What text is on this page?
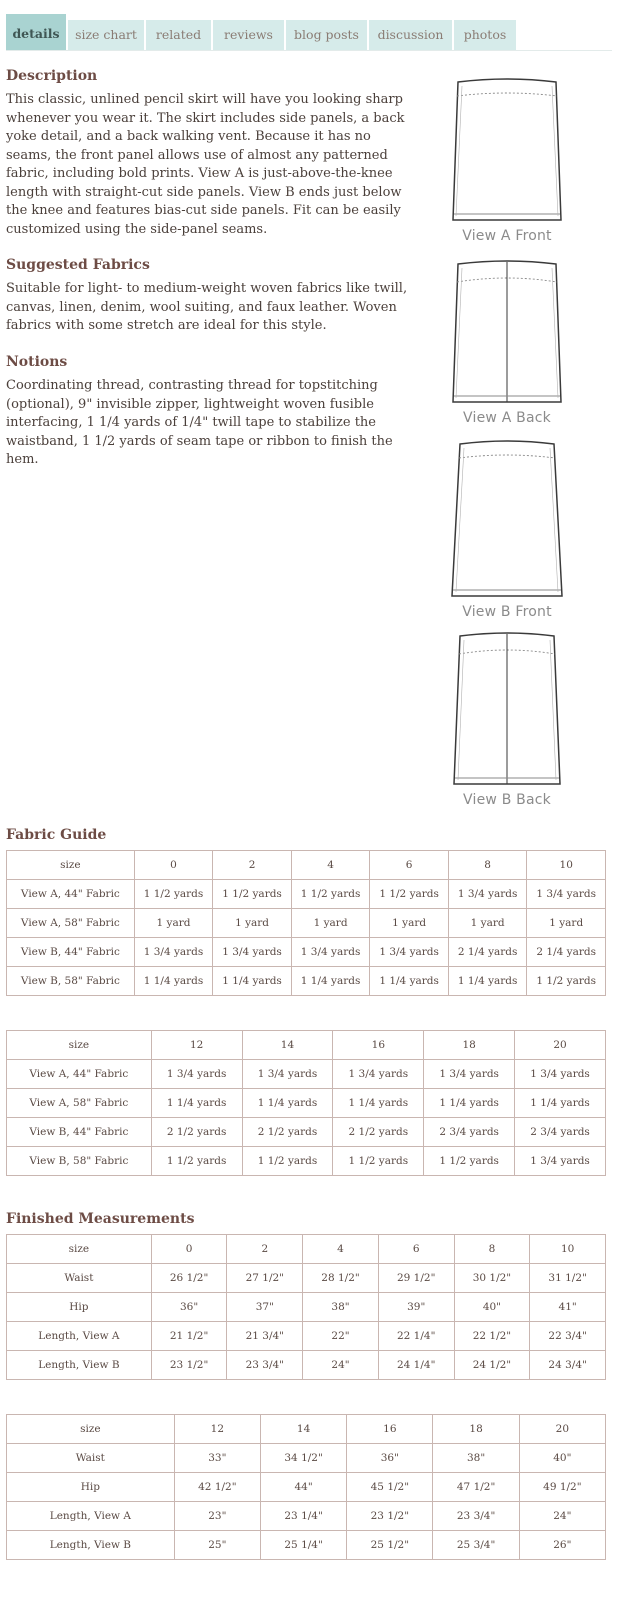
details	size chart	related	reviews	blog posts	discussion	photos
Description
This classic, unlined pencil skirt will have you looking sharp whenever you wear it. The skirt includes side panels, a back yoke detail, and a back walking vent. Because it has no seams, the front panel allows use of almost any patterned fabric, including bold prints. View A is just-above-the-knee length with straight-cut side panels. View B ends just below the knee and features bias-cut side panels. Fit can be easily customized using the side-panel seams.
Suggested Fabrics
Suitable for light- to medium-weight woven fabrics like twill, canvas, linen, denim, wool suiting, and faux leather. Woven fabrics with some stretch are ideal for this style.
Notions
Coordinating thread, contrasting thread for topstitching (optional), 9" invisible zipper, lightweight woven fusible interfacing, 1 1/4 yards of 1/4" twill tape to stabilize the waistband, 1 1/2 yards of seam tape or ribbon to finish the hem.
View A Front
View A Back
View B Front
View B Back
Fabric Guide
size	0	2	4	6	8	10
View A, 44" Fabric	1 1/2 yards	1 1/2 yards	1 1/2 yards	1 1/2 yards	1 3/4 yards	1 3/4 yards
View A, 58" Fabric	1 yard	1 yard	1 yard	1 yard	1 yard	1 yard
View B, 44" Fabric	1 3/4 yards	1 3/4 yards	1 3/4 yards	1 3/4 yards	2 1/4 yards	2 1/4 yards
View B, 58" Fabric	1 1/4 yards	1 1/4 yards	1 1/4 yards	1 1/4 yards	1 1/4 yards	1 1/2 yards
size	12	14	16	18	20
View A, 44" Fabric	1 3/4 yards	1 3/4 yards	1 3/4 yards	1 3/4 yards	1 3/4 yards
View A, 58" Fabric	1 1/4 yards	1 1/4 yards	1 1/4 yards	1 1/4 yards	1 1/4 yards
View B, 44" Fabric	2 1/2 yards	2 1/2 yards	2 1/2 yards	2 3/4 yards	2 3/4 yards
View B, 58" Fabric	1 1/2 yards	1 1/2 yards	1 1/2 yards	1 1/2 yards	1 3/4 yards
Finished Measurements
size	0	2	4	6	8	10
Waist	26 1/2"	27 1/2"	28 1/2"	29 1/2"	30 1/2"	31 1/2"
Hip	36"	37"	38"	39"	40"	41"
Length, View A	21 1/2"	21 3/4"	22"	22 1/4"	22 1/2"	22 3/4"
Length, View B	23 1/2"	23 3/4"	24"	24 1/4"	24 1/2"	24 3/4"
size	12	14	16	18	20
Waist	33"	34 1/2"	36"	38"	40"
Hip	42 1/2"	44"	45 1/2"	47 1/2"	49 1/2"
Length, View A	23"	23 1/4"	23 1/2"	23 3/4"	24"
Length, View B	25"	25 1/4"	25 1/2"	25 3/4"	26"
